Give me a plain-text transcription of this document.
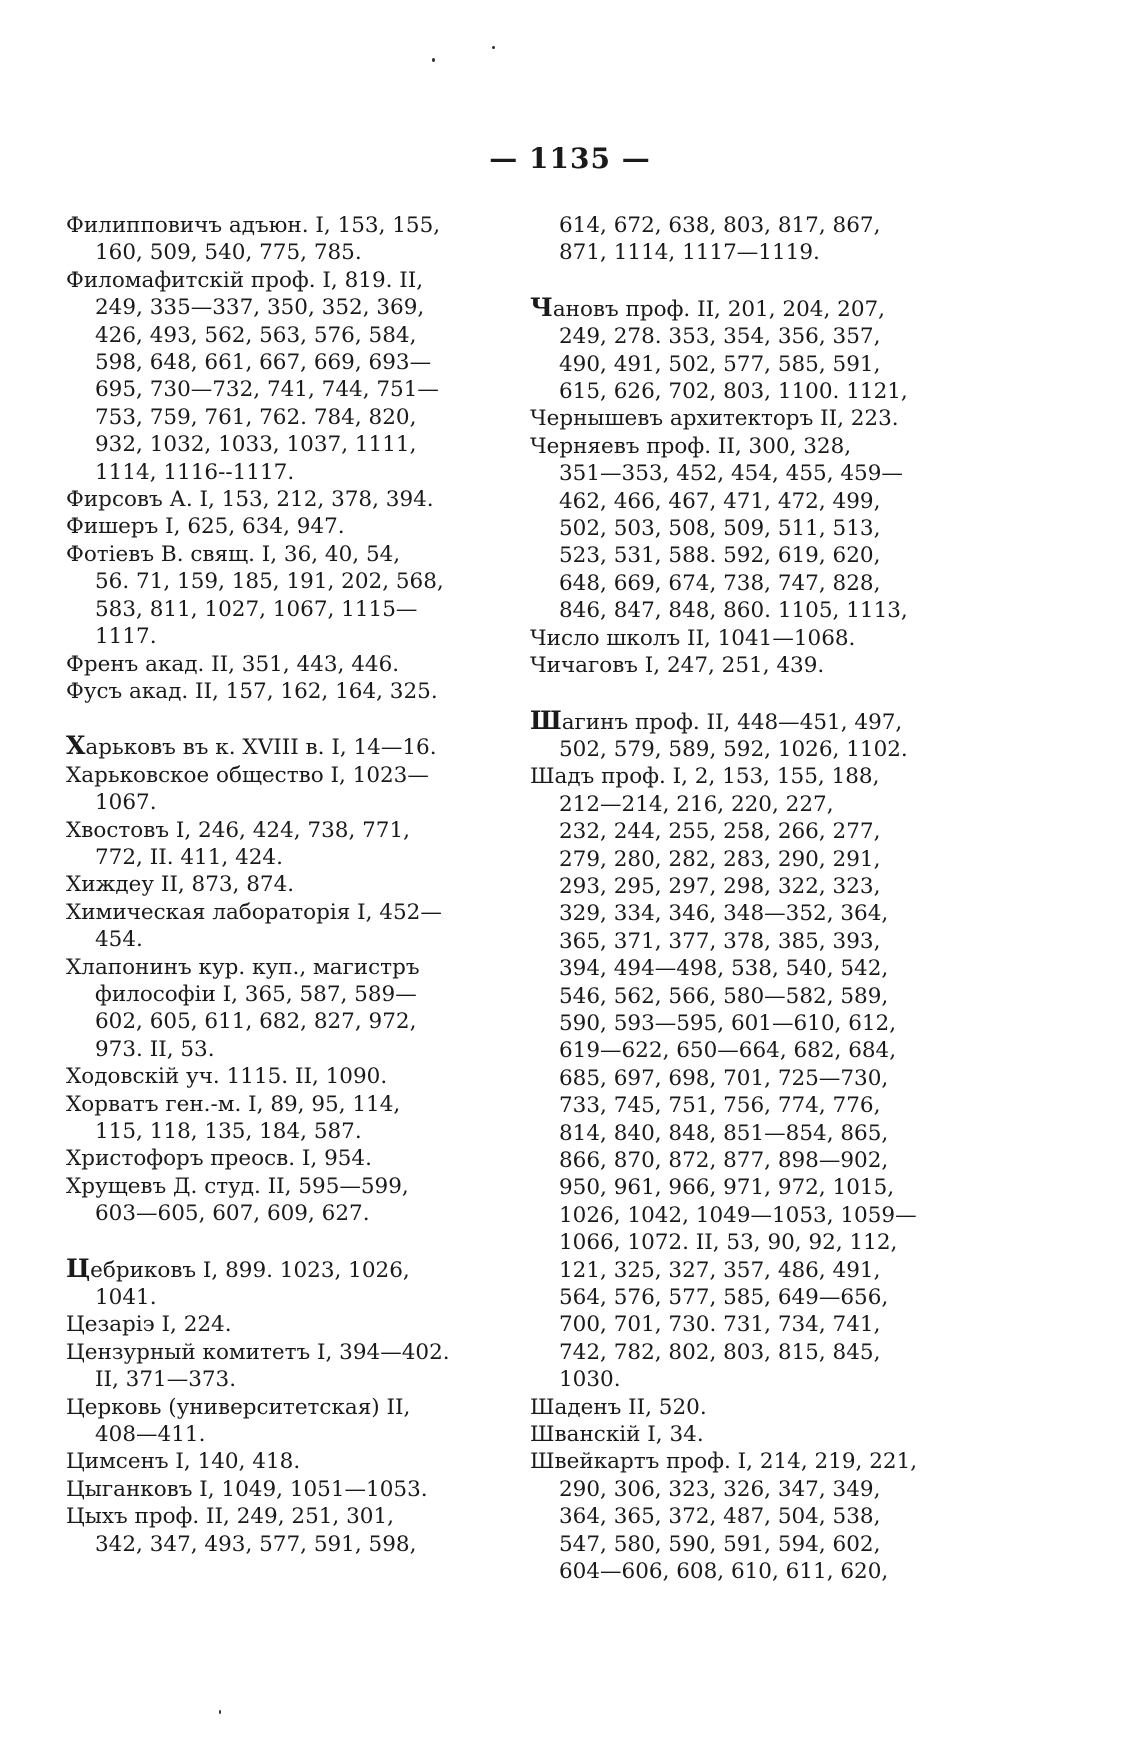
— 1135 —
Филипповичъ адъюн. I, 153, 155,
160, 509, 540, 775, 785.
Филомафитскій проф. I, 819. II,
249, 335—337, 350, 352, 369,
426, 493, 562, 563, 576, 584,
598, 648, 661, 667, 669, 693—
695, 730—732, 741, 744, 751—
753, 759, 761, 762. 784, 820,
932, 1032, 1033, 1037, 1111,
1114, 1116--1117.
Фирсовъ А. I, 153, 212, 378, 394.
Фишеръ I, 625, 634, 947.
Фотіевъ В. свящ. I, 36, 40, 54,
56. 71, 159, 185, 191, 202, 568,
583, 811, 1027, 1067, 1115—
1117.
Френъ акад. II, 351, 443, 446.
Фусъ акад. II, 157, 162, 164, 325.
Харьковъ въ к. XVIII в. I, 14—16.
Харьковское общество I, 1023—
1067.
Хвостовъ I, 246, 424, 738, 771,
772, II. 411, 424.
Хиждеу II, 873, 874.
Химическая лабораторія I, 452—
454.
Хлапонинъ кур. куп., магистръ
философіи I, 365, 587, 589—
602, 605, 611, 682, 827, 972,
973. II, 53.
Ходовскій уч. 1115. II, 1090.
Хорватъ ген.-м. I, 89, 95, 114,
115, 118, 135, 184, 587.
Христофоръ преосв. I, 954.
Хрущевъ Д. студ. II, 595—599,
603—605, 607, 609, 627.
Цебриковъ I, 899. 1023, 1026,
1041.
Цезаріэ I, 224.
Цензурный комитетъ I, 394—402.
II, 371—373.
Церковь (университетская) II,
408—411.
Цимсенъ I, 140, 418.
Цыганковъ I, 1049, 1051—1053.
Цыхъ проф. II, 249, 251, 301,
342, 347, 493, 577, 591, 598,
614, 672, 638, 803, 817, 867,
871, 1114, 1117—1119.
Чановъ проф. II, 201, 204, 207,
249, 278. 353, 354, 356, 357,
490, 491, 502, 577, 585, 591,
615, 626, 702, 803, 1100. 1121,
Чернышевъ архитекторъ II, 223.
Черняевъ проф. II, 300, 328,
351—353, 452, 454, 455, 459—
462, 466, 467, 471, 472, 499,
502, 503, 508, 509, 511, 513,
523, 531, 588. 592, 619, 620,
648, 669, 674, 738, 747, 828,
846, 847, 848, 860. 1105, 1113,
Число школъ II, 1041—1068.
Чичаговъ I, 247, 251, 439.
Шагинъ проф. II, 448—451, 497,
502, 579, 589, 592, 1026, 1102.
Шадъ проф. I, 2, 153, 155, 188,
212—214, 216, 220, 227,
232, 244, 255, 258, 266, 277,
279, 280, 282, 283, 290, 291,
293, 295, 297, 298, 322, 323,
329, 334, 346, 348—352, 364,
365, 371, 377, 378, 385, 393,
394, 494—498, 538, 540, 542,
546, 562, 566, 580—582, 589,
590, 593—595, 601—610, 612,
619—622, 650—664, 682, 684,
685, 697, 698, 701, 725—730,
733, 745, 751, 756, 774, 776,
814, 840, 848, 851—854, 865,
866, 870, 872, 877, 898—902,
950, 961, 966, 971, 972, 1015,
1026, 1042, 1049—1053, 1059—
1066, 1072. II, 53, 90, 92, 112,
121, 325, 327, 357, 486, 491,
564, 576, 577, 585, 649—656,
700, 701, 730. 731, 734, 741,
742, 782, 802, 803, 815, 845,
1030.
Шаденъ II, 520.
Шванскій I, 34.
Швейкартъ проф. I, 214, 219, 221,
290, 306, 323, 326, 347, 349,
364, 365, 372, 487, 504, 538,
547, 580, 590, 591, 594, 602,
604—606, 608, 610, 611, 620,
